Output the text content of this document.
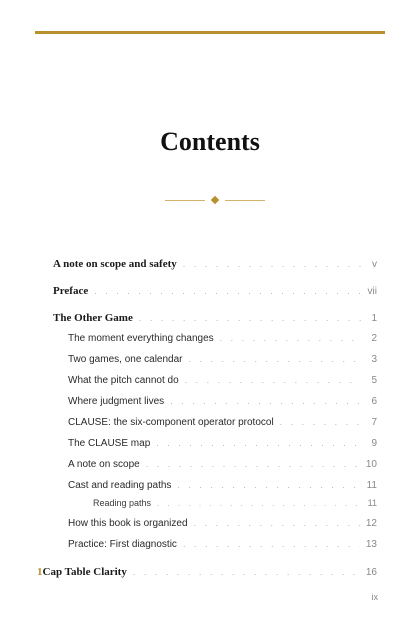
Contents
A note on scope and safety . . .	v
Preface . . .	vii
The Other Game . . .	1
The moment everything changes . . .	2
Two games, one calendar . . .	3
What the pitch cannot do . . .	5
Where judgment lives . . .	6
CLAUSE: the six-component operator protocol . . .	7
The CLAUSE map . . .	9
A note on scope . . .	10
Cast and reading paths . . .	11
Reading paths . . .	11
How this book is organized . . .	12
Practice: First diagnostic . . .	13
1 Cap Table Clarity . . .	16
ix
